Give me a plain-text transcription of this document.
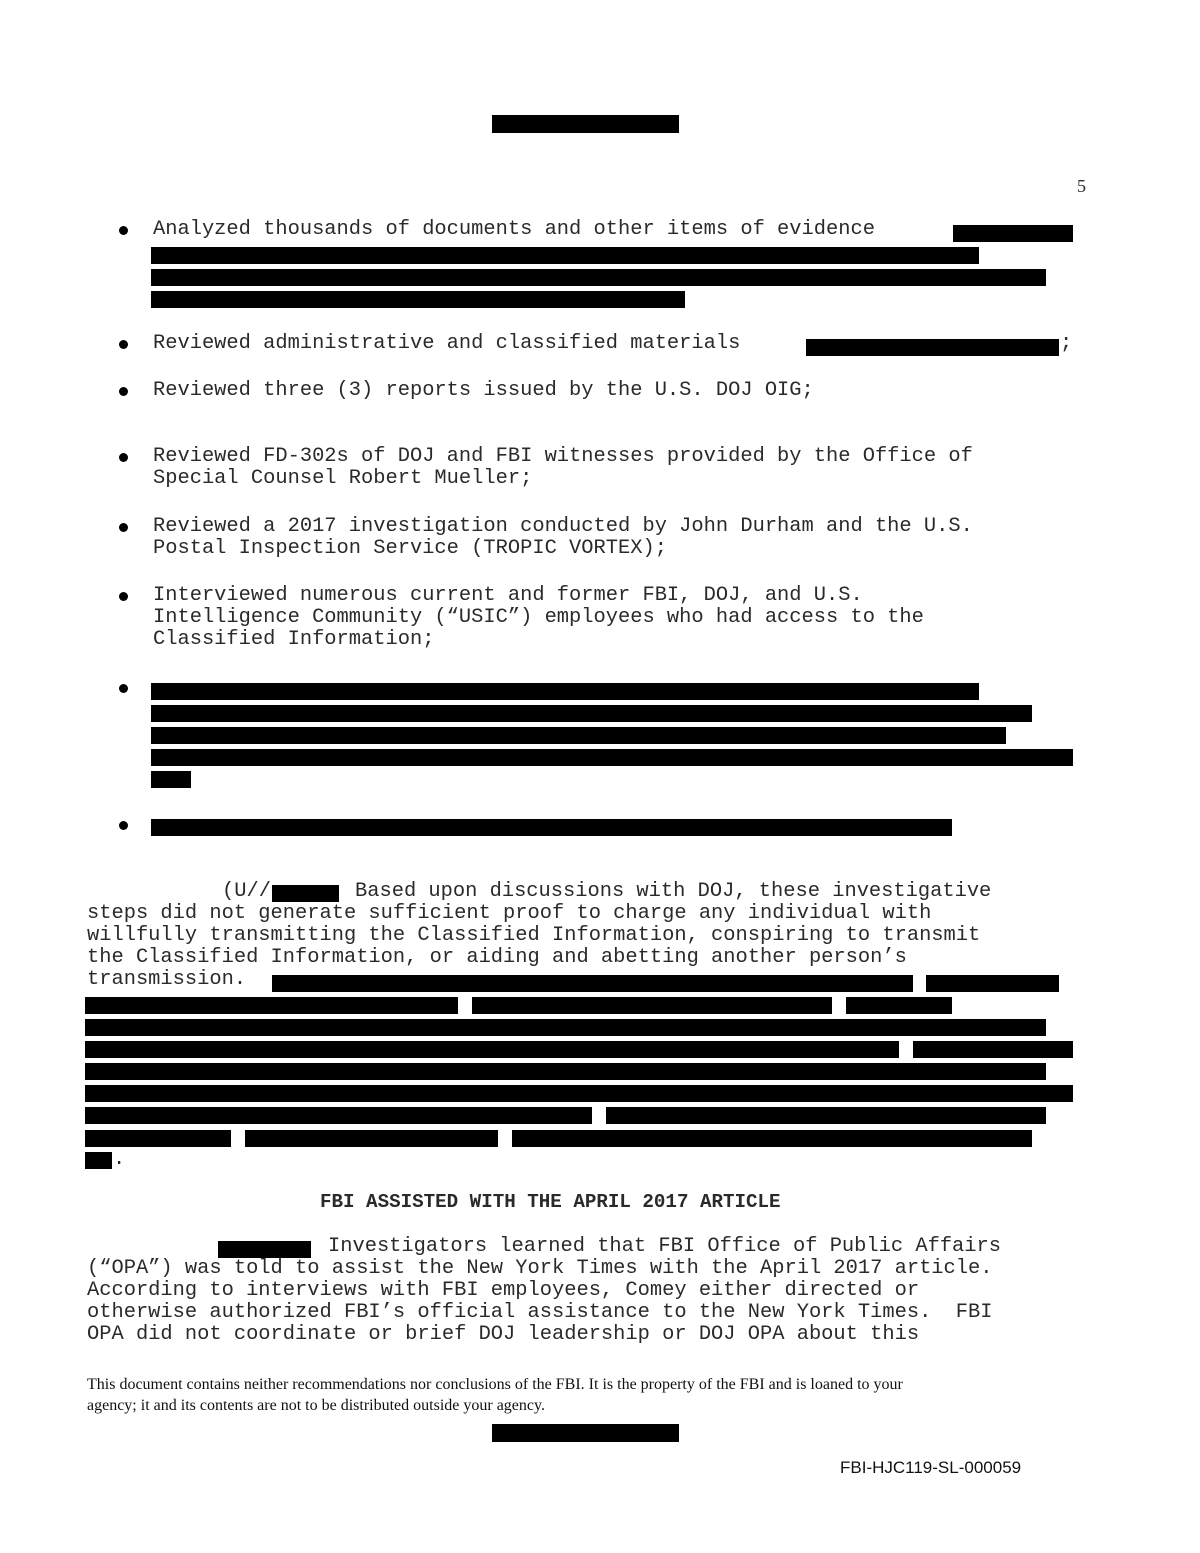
5
Analyzed thousands of documents and other items of evidence
Reviewed administrative and classified materials	;
Reviewed three (3) reports issued by the U.S. DOJ OIG;
Reviewed FD-302s of DOJ and FBI witnesses provided by the Office of
Special Counsel Robert Mueller;
Reviewed a 2017 investigation conducted by John Durham and the U.S.
Postal Inspection Service (TROPIC VORTEX);
Interviewed numerous current and former FBI, DOJ, and U.S.
Intelligence Community (“USIC”) employees who had access to the
Classified Information;
(U//	Based upon discussions with DOJ, these investigative
steps did not generate sufficient proof to charge any individual with
willfully transmitting the Classified Information, conspiring to transmit
the Classified Information, or aiding and abetting another person’s
transmission.
.
FBI ASSISTED WITH THE APRIL 2017 ARTICLE
Investigators learned that FBI Office of Public Affairs
(“OPA”) was told to assist the New York Times with the April 2017 article.
According to interviews with FBI employees, Comey either directed or
otherwise authorized FBI’s official assistance to the New York Times.  FBI
OPA did not coordinate or brief DOJ leadership or DOJ OPA about this
This document contains neither recommendations nor conclusions of the FBI. It is the property of the FBI and is loaned to your
agency; it and its contents are not to be distributed outside your agency.
FBI-HJC119-SL-000059
